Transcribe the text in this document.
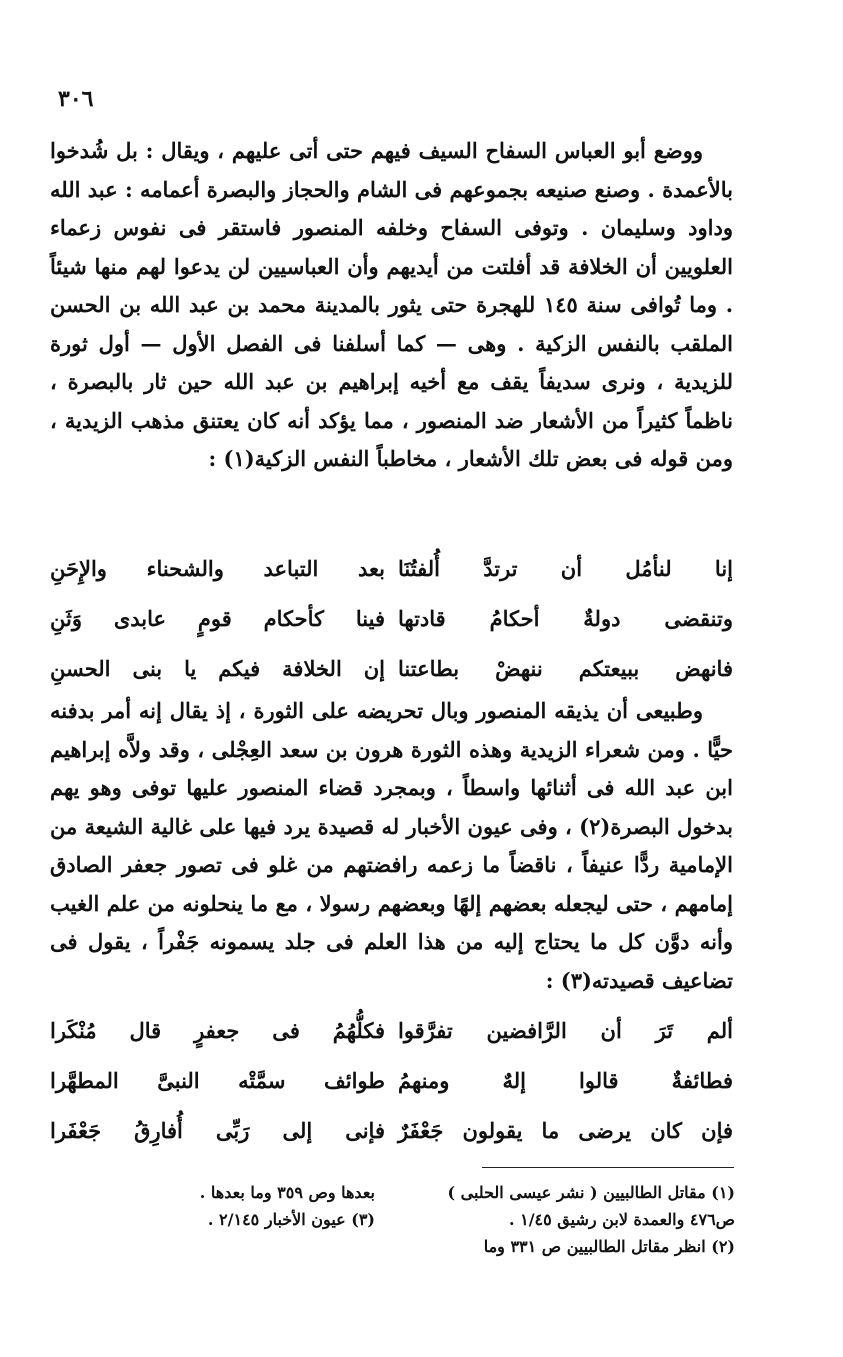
٣٠٦

ووضع أبو العباس السفاح السيف فيهم حتى أتى عليهم ، ويقال : بل شُدخوا بالأعمدة . وصنع صنيعه بجموعهم فى الشام والحجاز والبصرة أعمامه : عبد الله وداود وسليمان . وتوفى السفاح وخلفه المنصور فاستقر فى نفوس زعماء العلويين أن الخلافة قد أفلتت من أيديهم وأن العباسيين لن يدعوا لهم منها شيئاً . وما تُوافى سنة ١٤٥ للهجرة حتى يثور بالمدينة محمد بن عبد الله بن الحسن الملقب بالنفس الزكية . وهى — كما أسلفنا فى الفصل الأول — أول ثورة للزيدية ، ونرى سديفاً يقف مع أخيه إبراهيم بن عبد الله حين ثار بالبصرة ، ناظماً كثيراً من الأشعار ضد المنصور ، مما يؤكد أنه كان يعتنق مذهب الزيدية ، ومن قوله فى بعض تلك الأشعار ، مخاطباً النفس الزكية(١) :

إنا لنأمُل أن ترتدَّ أُلفتُنَا
بعد التباعد والشحناء والإِحَنِ
وتنقضى دولةٌ أحكامُ قادتها
فينا كأحكام قومٍ عابدى وَثَنِ
فانهض ببيعتكم ننهضْ بطاعتنا
إن الخلافة فيكم يا بنى الحسنِ

وطبيعى أن يذيقه المنصور وبال تحريضه على الثورة ، إذ يقال إنه أمر بدفنه حيًّا . ومن شعراء الزيدية وهذه الثورة هرون بن سعد العِجْلى ، وقد ولاَّه إبراهيم ابن عبد الله فى أثنائها واسطاً ، وبمجرد قضاء المنصور عليها توفى وهو يهم بدخول البصرة(٢) ، وفى عيون الأخبار له قصيدة يرد فيها على غالية الشيعة من الإمامية ردًّا عنيفاً ، ناقضاً ما زعمه رافضتهم من غلو فى تصور جعفر الصادق إمامهم ، حتى ليجعله بعضهم إلهًا وبعضهم رسولا ، مع ما ينحلونه من علم الغيب وأنه دوَّن كل ما يحتاج إليه من هذا العلم فى جلد يسمونه جَفْراً ، يقول فى تضاعيف قصيدته(٣) :

ألم تَرَ أن الرَّافضين تفرَّقوا
فكلُّهُمُ فى جعفرٍ قال مُنْكَرا
فطائفةٌ قالوا إلهٌ ومنهمُ
طوائف سمَّتْه النبىَّ المطهَّرا
فإن كان يرضى ما يقولون جَعْفَرٌ
فإنى إلى رَبِّى أُفارِقُ جَعْفَرا
(١) مقاتل الطالبيين ( نشر عيسى الحلبى )
ص٤٧٦ والعمدة لابن رشيق ١/٤٥ .
(٢) انظر مقاتل الطالبيين ص ٣٣١ وما
بعدها وص ٣٥٩ وما بعدها .
(٣) عيون الأخبار ٢/١٤٥ .
